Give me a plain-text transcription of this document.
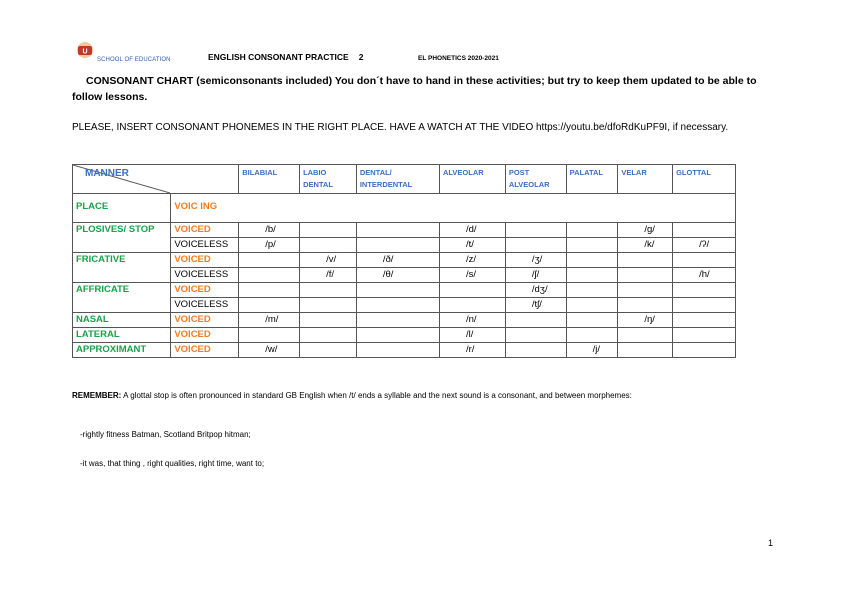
U
SCHOOL OF EDUCATION	ENGLISH CONSONANT PRACTICE 2	EL PHONETICS 2020-2021
CONSONANT CHART (semiconsonants included) You don´t have to hand in these activities; but try to keep them updated to be able to follow lessons.
PLEASE, INSERT CONSONANT PHONEMES IN THE RIGHT PLACE. HAVE A WATCH AT THE VIDEO https://youtu.be/dfoRdKuPF9I, if necessary.
MANNER		BILABIAL	LABIO DENTAL	DENTAL/ INTERDENTAL	ALVEOLAR	POST ALVEOLAR	PALATAL	VELAR	GLOTTAL
PLACE	VOIC ING								
PLOSIVES/ STOP	VOICED	/b/			/d/			/g/	
	VOICELESS	/p/			/t/			/k/	/ʔ/
FRICATIVE	VOICED		/v/	/ð/	/z/	/ʒ/			
	VOICELESS		/f/	/θ/	/s/	/ʃ/			/h/
AFFRICATE	VOICED					/dʒ/			
	VOICELESS					/tʃ/			
NASAL	VOICED	/m/			/n/			/ŋ/	
LATERAL	VOICED				/l/				
APPROXIMANT	VOICED	/w/			/r/		/j/		
REMEMBER: A glottal stop is often pronounced in standard GB English when /t/ ends a syllable and the next sound is a consonant, and between morphemes:
-rightly fitness Batman, Scotland Britpop hitman;
-it was, that thing , right qualities, right time, want to;
1
